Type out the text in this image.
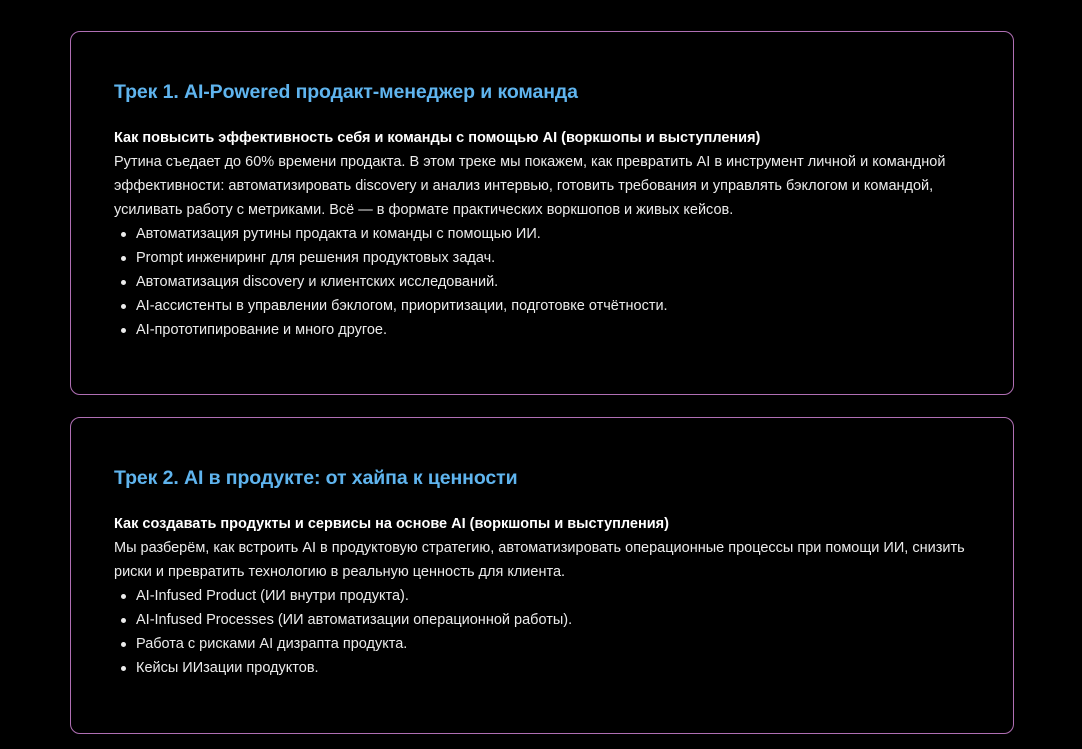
Трек 1. AI-Powered продакт-менеджер и команда

Как повысить эффективность себя и команды с помощью AI (воркшопы и выступления)

Рутина съедает до 60% времени продакта. В этом треке мы покажем, как превратить AI в инструмент личной и командной эффективности: автоматизировать discovery и анализ интервью, готовить требования и управлять бэклогом и командой, усиливать работу с метриками. Всё — в формате практических воркшопов и живых кейсов.

Автоматизация рутины продакта и команды с помощью ИИ.
Prompt инжениринг для решения продуктовых задач.
Автоматизация discovery и клиентских исследований.
AI-ассистенты в управлении бэклогом, приоритизации, подготовке отчётности.
AI-прототипирование и много другое.
Трек 2. AI в продукте: от хайпа к ценности

Как создавать продукты и сервисы на основе AI (воркшопы и выступления)

Мы разберём, как встроить AI в продуктовую стратегию, автоматизировать операционные процессы при помощи ИИ, снизить риски и превратить технологию в реальную ценность для клиента.

AI-Infused Product (ИИ внутри продукта).
AI-Infused Processes (ИИ автоматизации операционной работы).
Работа с рисками AI дизрапта продукта.
Кейсы ИИзации продуктов.
